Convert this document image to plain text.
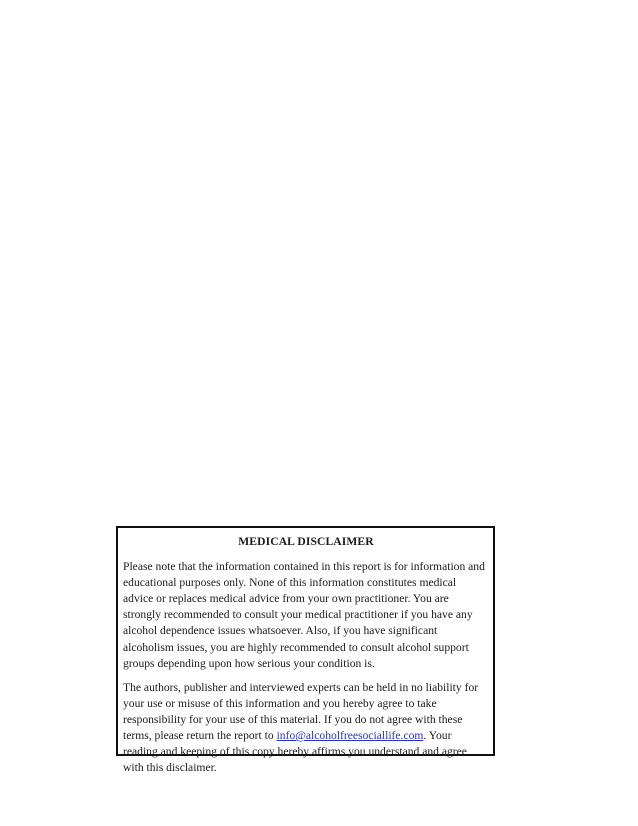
MEDICAL DISCLAIMER

Please note that the information contained in this report is for information and educational purposes only. None of this information constitutes medical advice or replaces medical advice from your own practitioner. You are strongly recommended to consult your medical practitioner if you have any alcohol dependence issues whatsoever. Also, if you have significant alcoholism issues, you are highly recommended to consult alcohol support groups depending upon how serious your condition is.

The authors, publisher and interviewed experts can be held in no liability for your use or misuse of this information and you hereby agree to take responsibility for your use of this material. If you do not agree with these terms, please return the report to info@alcoholfreesociallife.com. Your reading and keeping of this copy hereby affirms you understand and agree with this disclaimer.
